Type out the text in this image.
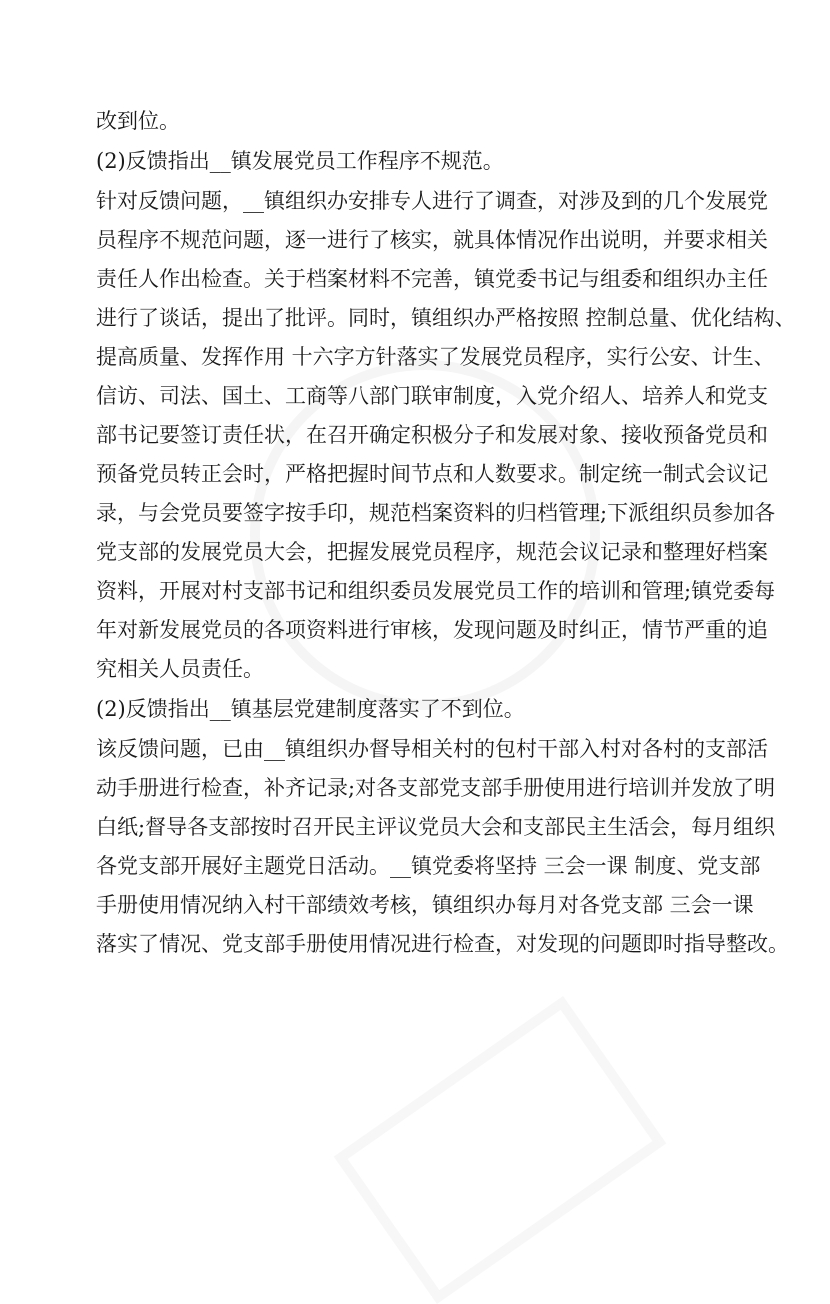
改到位。
(2)反馈指出__镇发展党员工作程序不规范。
针对反馈问题，__镇组织办安排专人进行了调查，对涉及到的几个发展党
员程序不规范问题，逐一进行了核实，就具体情况作出说明，并要求相关
责任人作出检查。关于档案材料不完善，镇党委书记与组委和组织办主任
进行了谈话，提出了批评。同时，镇组织办严格按照 控制总量、优化结构、
提高质量、发挥作用 十六字方针落实了发展党员程序，实行公安、计生、
信访、司法、国土、工商等八部门联审制度，入党介绍人、培养人和党支
部书记要签订责任状，在召开确定积极分子和发展对象、接收预备党员和
预备党员转正会时，严格把握时间节点和人数要求。制定统一制式会议记
录，与会党员要签字按手印，规范档案资料的归档管理;下派组织员参加各
党支部的发展党员大会，把握发展党员程序，规范会议记录和整理好档案
资料，开展对村支部书记和组织委员发展党员工作的培训和管理;镇党委每
年对新发展党员的各项资料进行审核，发现问题及时纠正，情节严重的追
究相关人员责任。
(2)反馈指出__镇基层党建制度落实了不到位。
该反馈问题，已由__镇组织办督导相关村的包村干部入村对各村的支部活
动手册进行检查，补齐记录;对各支部党支部手册使用进行培训并发放了明
白纸;督导各支部按时召开民主评议党员大会和支部民主生活会，每月组织
各党支部开展好主题党日活动。__镇党委将坚持 三会一课 制度、党支部
手册使用情况纳入村干部绩效考核，镇组织办每月对各党支部 三会一课
落实了情况、党支部手册使用情况进行检查，对发现的问题即时指导整改。
